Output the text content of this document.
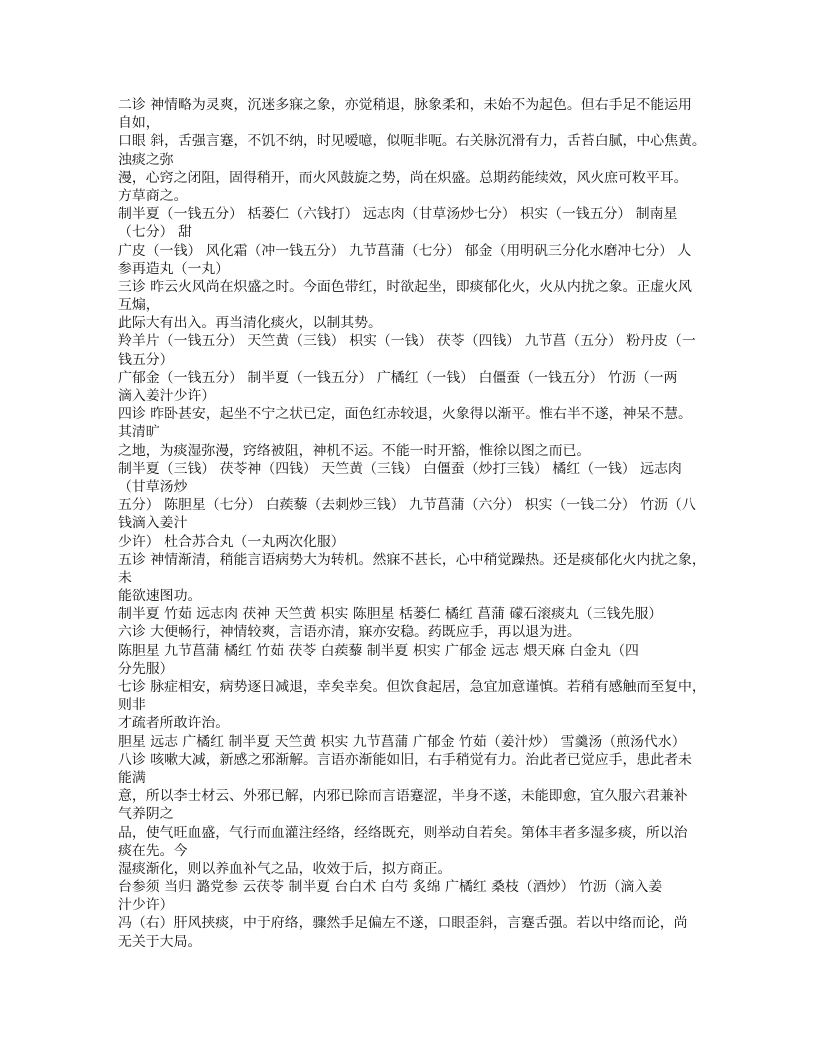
二诊 神情略为灵爽，沉迷多寐之象，亦觉稍退，脉象柔和，未始不为起色。但右手足不能运用
自如，
口眼 斜，舌强言蹇，不饥不纳，时见嗳噫，似呃非呃。右关脉沉滑有力，舌苔白腻，中心焦黄。
浊痰之弥
漫，心窍之闭阻，固得稍开，而火风鼓旋之势，尚在炽盛。总期药能续效，风火庶可敉平耳。
方草商之。
制半夏（一钱五分） 栝蒌仁（六钱打） 远志肉（甘草汤炒七分） 枳实（一钱五分） 制南星
（七分） 甜
广皮（一钱） 风化霜（冲一钱五分） 九节菖蒲（七分） 郁金（用明矾三分化水磨冲七分） 人
参再造丸（一丸）
三诊 昨云火风尚在炽盛之时。今面色带红，时欲起坐，即痰郁化火，火从内扰之象。正虚火风
互煽，
此际大有出入。再当清化痰火，以制其势。
羚羊片（一钱五分） 天竺黄（三钱） 枳实（一钱） 茯苓（四钱） 九节菖（五分） 粉丹皮（一
钱五分）
广郁金（一钱五分） 制半夏（一钱五分） 广橘红（一钱） 白僵蚕（一钱五分） 竹沥（一两
滴入姜汁少许）
四诊 昨卧甚安，起坐不宁之状已定，面色红赤较退，火象得以渐平。惟右半不遂，神呆不慧。
其清旷
之地，为痰湿弥漫，窍络被阻，神机不运。不能一时开豁，惟徐以图之而已。
制半夏（三钱） 茯苓神（四钱） 天竺黄（三钱） 白僵蚕（炒打三钱） 橘红（一钱） 远志肉
（甘草汤炒
五分） 陈胆星（七分） 白蒺藜（去刺炒三钱） 九节菖蒲（六分） 枳实（一钱二分） 竹沥（八
钱滴入姜汁
少许） 杜合苏合丸（一丸两次化服）
五诊 神情渐清，稍能言语病势大为转机。然寐不甚长，心中稍觉躁热。还是痰郁化火内扰之象，
未
能欲速图功。
制半夏 竹茹 远志肉 茯神 天竺黄 枳实 陈胆星 栝蒌仁 橘红 菖蒲 礞石滚痰丸（三钱先服）
六诊 大便畅行，神情较爽，言语亦清，寐亦安稳。药既应手，再以退为进。
陈胆星 九节菖蒲 橘红 竹茹 茯苓 白蒺藜 制半夏 枳实 广郁金 远志 煨天麻 白金丸（四
分先服）
七诊 脉症相安，病势逐日减退，幸矣幸矣。但饮食起居，急宜加意谨慎。若稍有感触而至复中，
则非
才疏者所敢许治。
胆星 远志 广橘红 制半夏 天竺黄 枳实 九节菖蒲 广郁金 竹茹（姜汁炒） 雪羹汤（煎汤代水）
八诊 咳嗽大减，新感之邪渐解。言语亦渐能如旧，右手稍觉有力。治此者已觉应手，患此者未
能满
意，所以李士材云、外邪已解，内邪已除而言语蹇涩，半身不遂，未能即愈，宜久服六君兼补
气养阴之
品，使气旺血盛，气行而血灌注经络，经络既充，则举动自若矣。第体丰者多湿多痰，所以治
痰在先。今
湿痰渐化，则以养血补气之品，收效于后，拟方商正。
台参须 当归 潞党参 云茯苓 制半夏 台白术 白芍 炙绵 广橘红 桑枝（酒炒） 竹沥（滴入姜
汁少许）
冯（右）肝风挟痰，中于府络，骤然手足偏左不遂，口眼歪斜，言蹇舌强。若以中络而论，尚
无关于大局。
